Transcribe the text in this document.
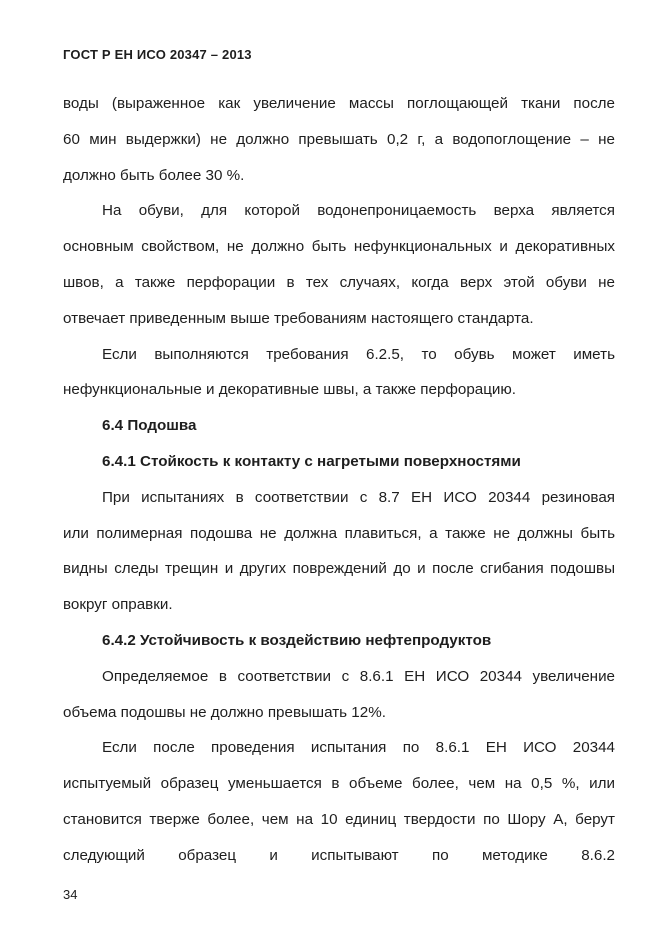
ГОСТ Р ЕН ИСО 20347 – 2013
воды (выраженное как увеличение массы поглощающей ткани после
60 мин выдержки) не должно превышать 0,2 г, а водопоглощение – не
должно быть более 30 %.
На обуви, для которой водонепроницаемость верха является
основным свойством, не должно быть нефункциональных и декоративных
швов, а также перфорации в тех случаях, когда верх этой обуви не
отвечает приведенным выше требованиям настоящего стандарта.
Если выполняются требования 6.2.5, то обувь может иметь
нефункциональные и декоративные швы, а также перфорацию.
6.4 Подошва
6.4.1 Стойкость к контакту с нагретыми поверхностями
При испытаниях в соответствии с 8.7 ЕН ИСО 20344 резиновая
или полимерная подошва не должна плавиться, а также не должны быть
видны следы трещин и других повреждений до и после сгибания подошвы
вокруг оправки.
6.4.2 Устойчивость к воздействию нефтепродуктов
Определяемое в соответствии с 8.6.1 ЕН ИСО 20344 увеличение
объема подошвы не должно превышать 12%.
Если после проведения испытания по 8.6.1 ЕН ИСО 20344
испытуемый образец уменьшается в объеме более, чем на 0,5 %, или
становится тверже более, чем на 10 единиц твердости по Шору А, берут
следующий образец и испытывают по методике 8.6.2
34
